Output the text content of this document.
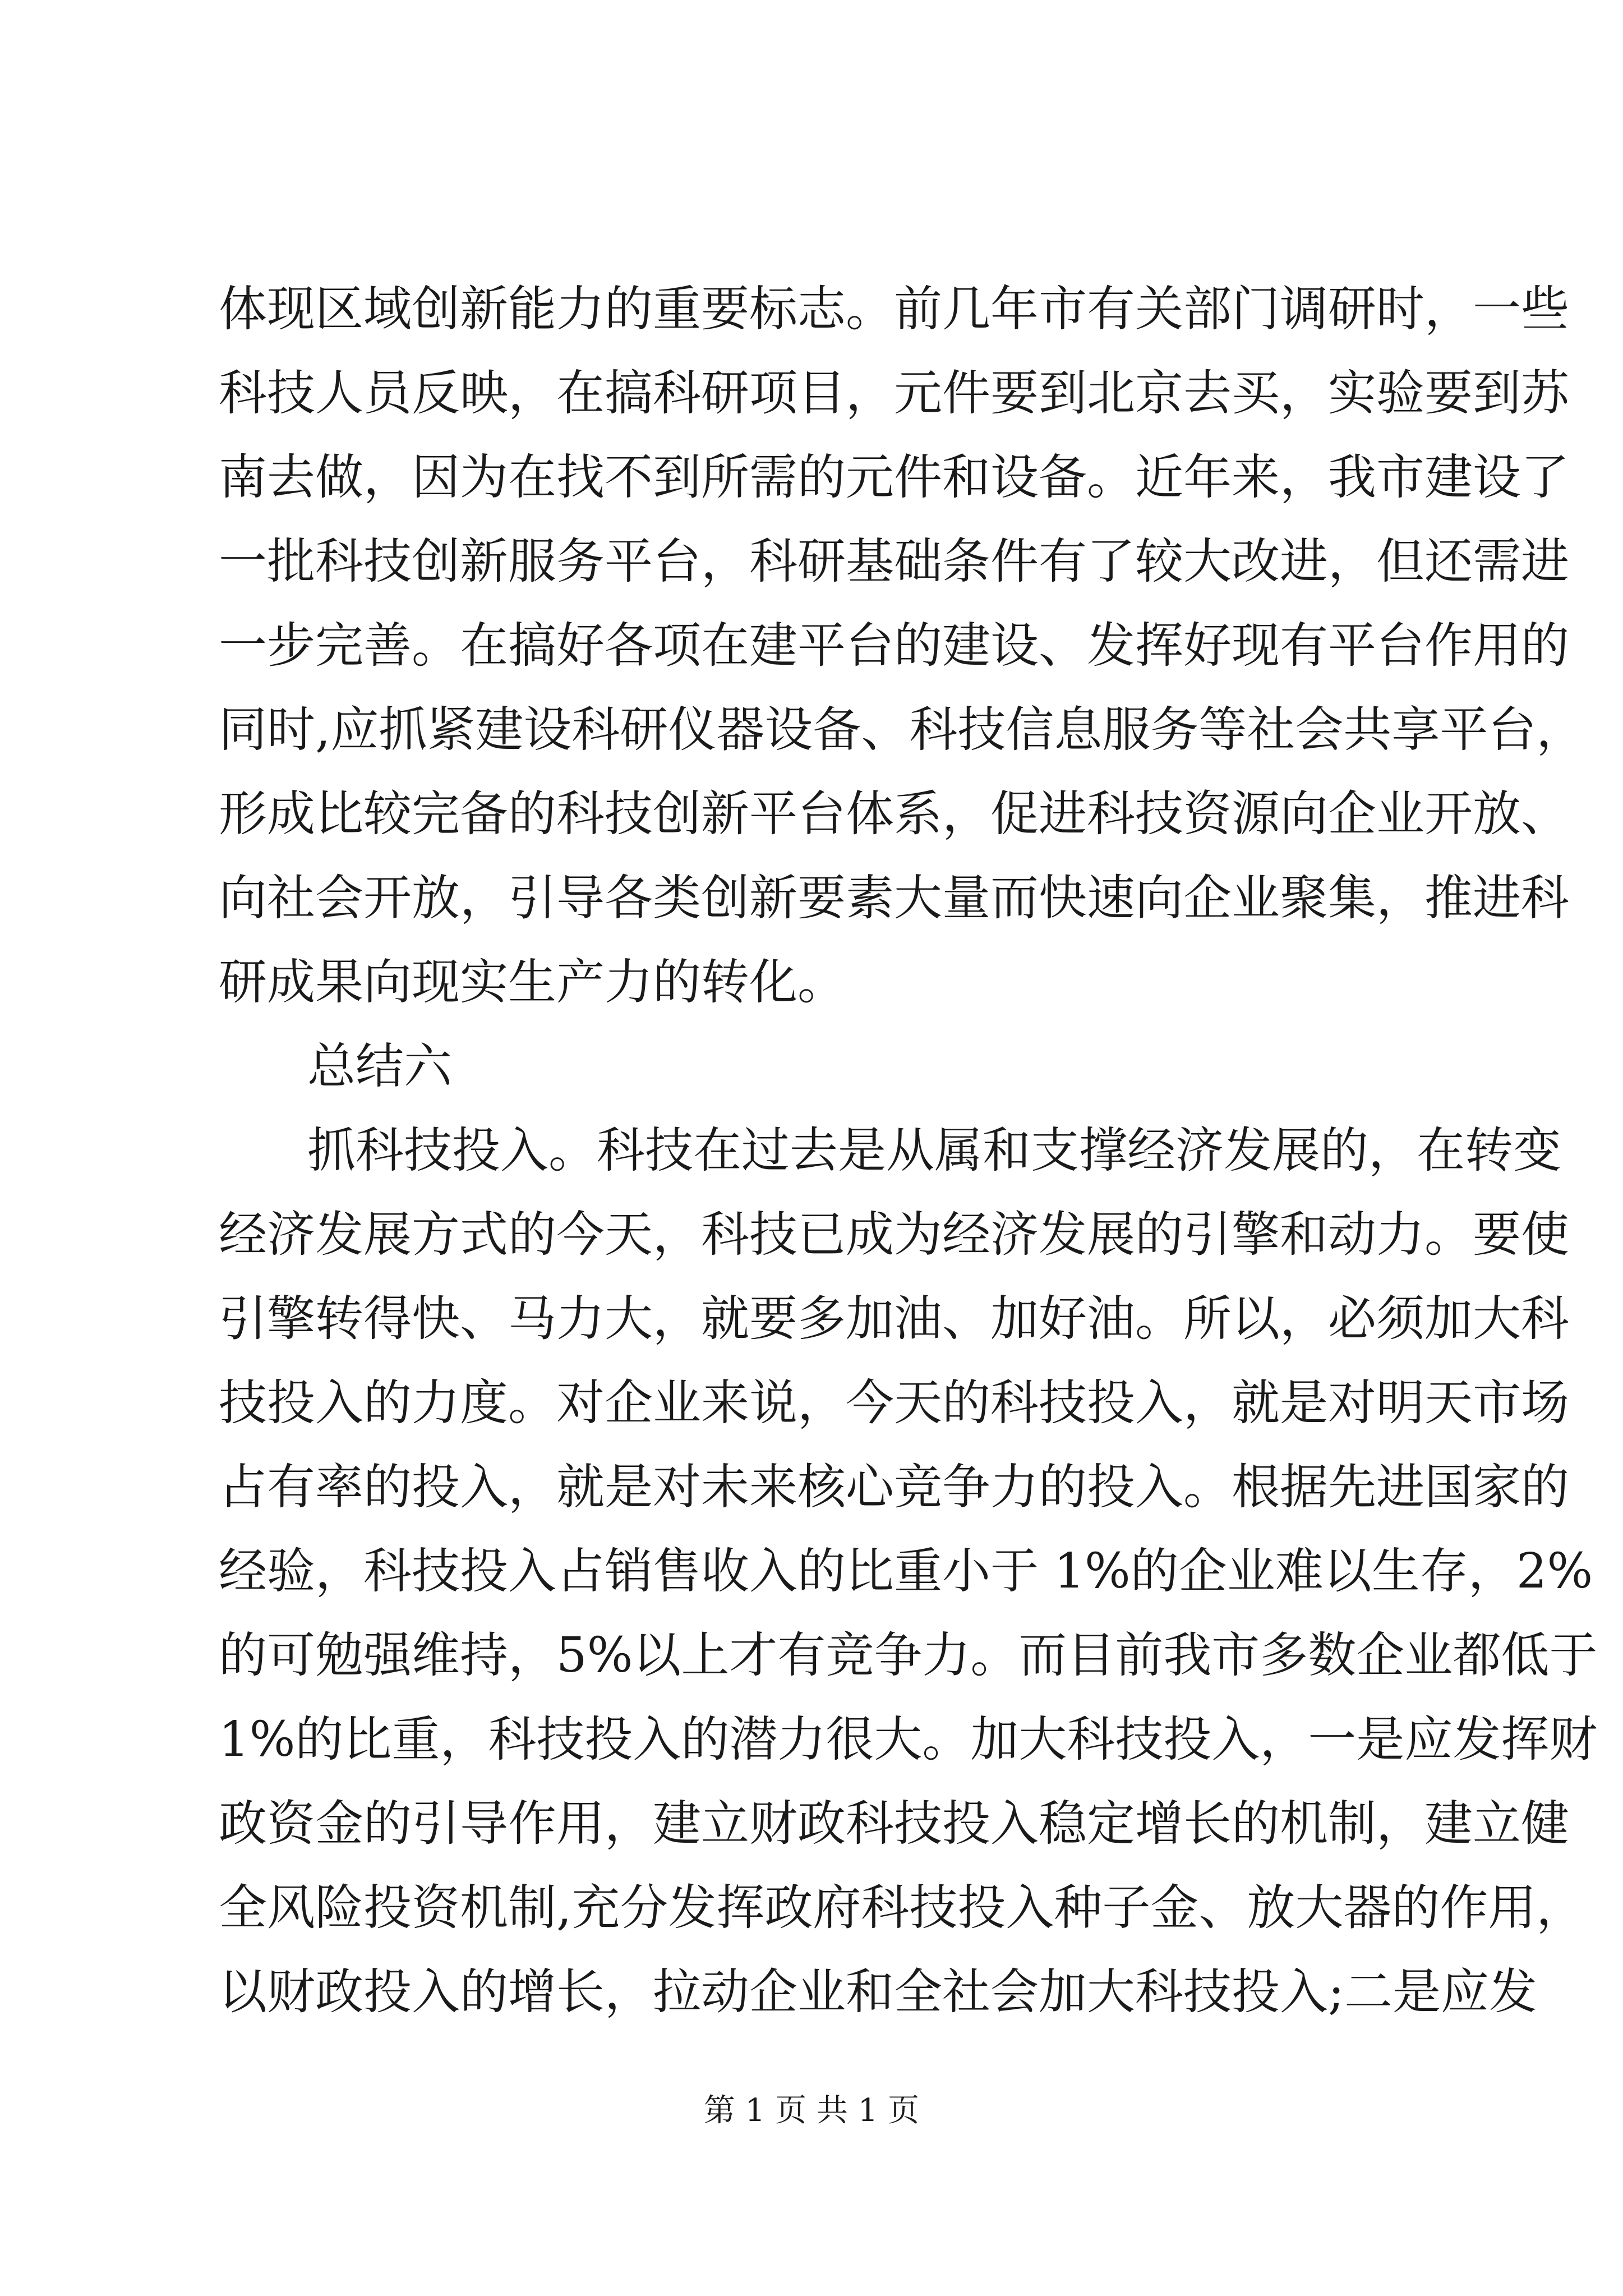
体现区域创新能力的重要标志。前几年市有关部门调研时，一些
科技人员反映，在搞科研项目，元件要到北京去买，实验要到苏
南去做，因为在找不到所需的元件和设备。近年来，我市建设了
一批科技创新服务平台，科研基础条件有了较大改进，但还需进
一步完善。在搞好各项在建平台的建设、发挥好现有平台作用的
同时,应抓紧建设科研仪器设备、科技信息服务等社会共享平台，
形成比较完备的科技创新平台体系，促进科技资源向企业开放、
向社会开放，引导各类创新要素大量而快速向企业聚集，推进科
研成果向现实生产力的转化。
总结六
抓科技投入。科技在过去是从属和支撑经济发展的，在转变
经济发展方式的今天，科技已成为经济发展的引擎和动力。要使
引擎转得快、马力大，就要多加油、加好油。所以，必须加大科
技投入的力度。对企业来说，今天的科技投入，就是对明天市场
占有率的投入，就是对未来核心竞争力的投入。根据先进国家的
经验，科技投入占销售收入的比重小于 1%的企业难以生存，2%
的可勉强维持，5%以上才有竞争力。而目前我市多数企业都低于
1%的比重，科技投入的潜力很大。加大科技投入，一是应发挥财
政资金的引导作用，建立财政科技投入稳定增长的机制，建立健
全风险投资机制,充分发挥政府科技投入种子金、放大器的作用，
以财政投入的增长，拉动企业和全社会加大科技投入;二是应发
第 1 页 共 1 页
